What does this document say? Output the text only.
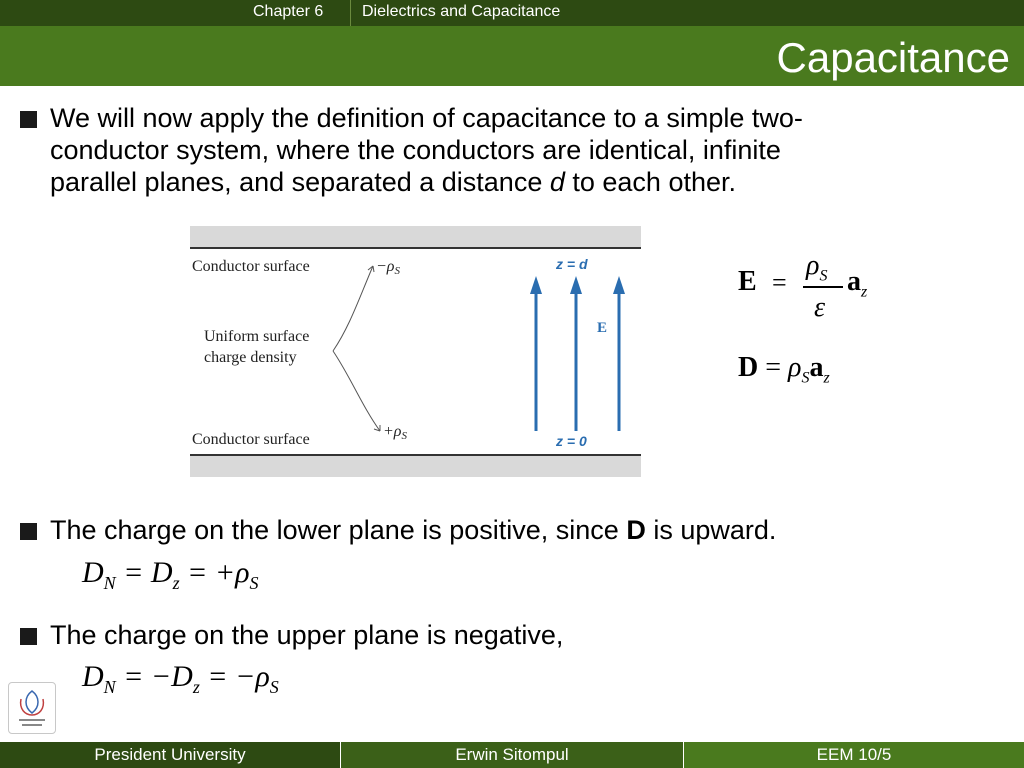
Chapter 6 Dielectrics and Capacitance
Capacitance
We will now apply the definition of capacitance to a simple two-
conductor system, where the conductors are identical, infinite
parallel planes, and separated a distance d to each other.
Conductor surface
Conductor surface
Uniform surface
charge density
−ρS
+ρS
z = d
z = 0
E
E =
$\rho_S$
ε
$a_z$
$D = \rho_Sa_z$
The charge on the lower plane is positive, since D is upward.
$D_N = D_z = +\rho_S$
The charge on the upper plane is negative,
$D_N = -D_z = -\rho_S$
President University	Erwin Sitompul	EEM 10/5
